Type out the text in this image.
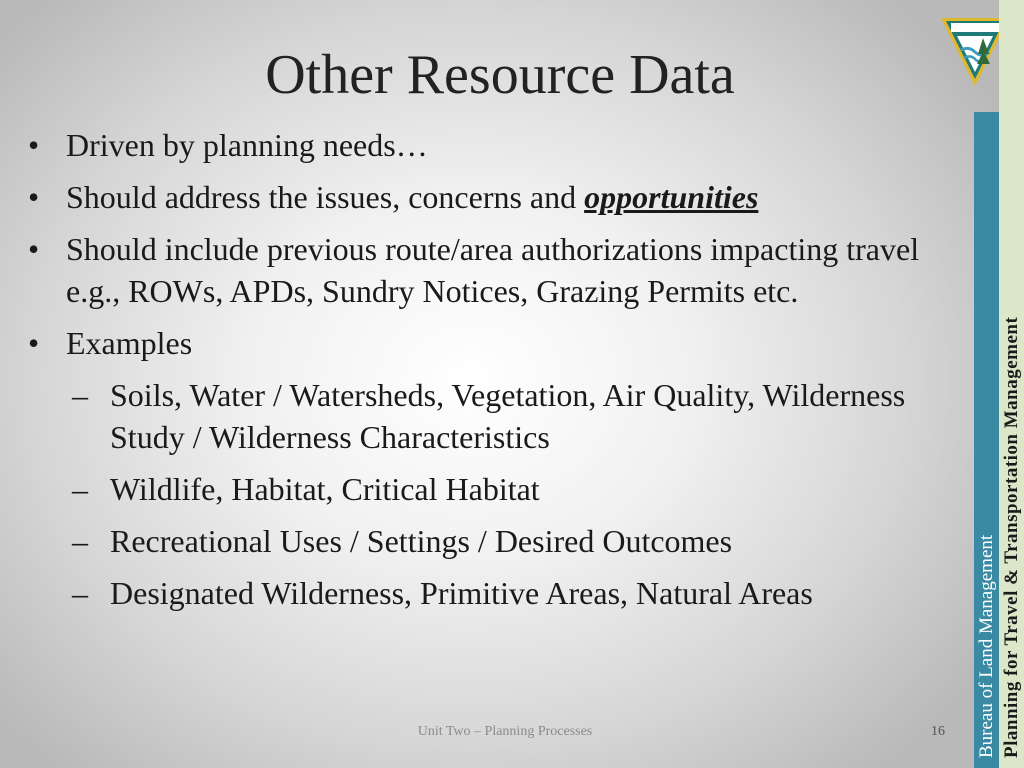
Other Resource Data
• Driven by planning needs…
• Should address the issues, concerns and opportunities
• Should include previous route/area authorizations impacting travel e.g., ROWs, APDs, Sundry Notices, Grazing Permits etc.
• Examples
– Soils, Water / Watersheds, Vegetation, Air Quality, Wilderness Study / Wilderness Characteristics
– Wildlife, Habitat, Critical Habitat
– Recreational Uses / Settings / Desired Outcomes
– Designated Wilderness, Primitive Areas, Natural Areas
Unit Two – Planning Processes	16	Bureau of Land Management Planning for Travel & Transportation Management
